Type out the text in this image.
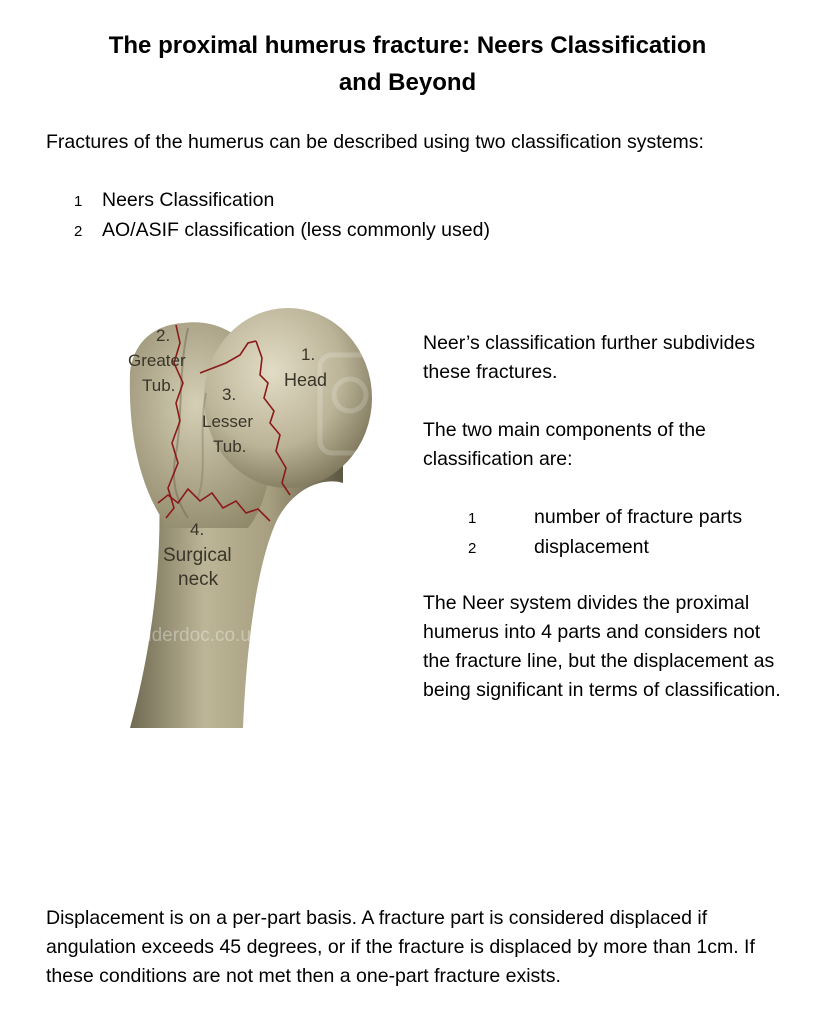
The proximal humerus fracture: Neers Classification
and Beyond
Fractures of the humerus can be described using two classification systems:
1	Neers Classification
2	AO/ASIF classification (less commonly used)
2.
Greater
Tub.
1.
Head
3.
Lesser
Tub.
4.
Surgical
neck
Shoulderdoc.co.uk

Neer’s classification further subdivides these fractures.

The two main components of the classification are:

1	number of fracture parts
2	displacement
The Neer system divides the proximal humerus into 4 parts and considers not the fracture line, but the displacement as being significant in terms of classification.
Displacement is on a per-part basis. A fracture part is considered displaced if angulation exceeds 45 degrees, or if the fracture is displaced by more than 1cm. If these conditions are not met then a one-part fracture exists.
